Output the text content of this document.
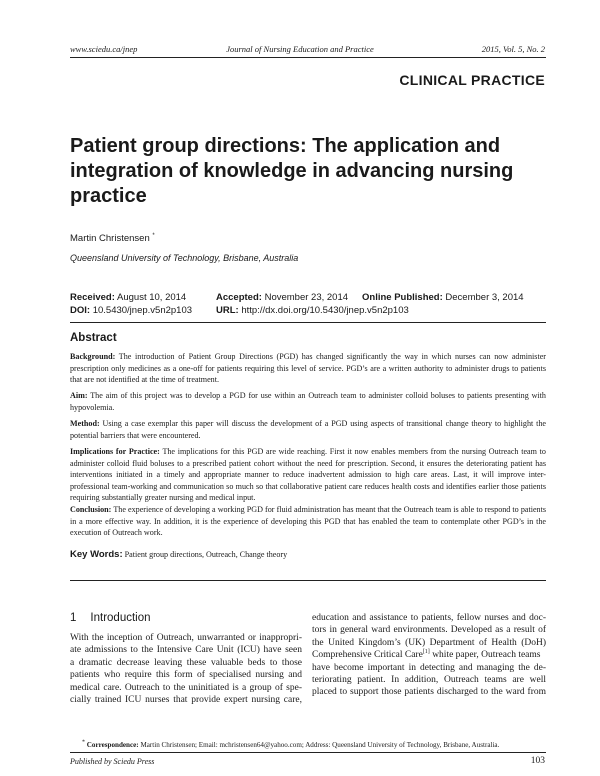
www.sciedu.ca/jnep	Journal of Nursing Education and Practice	2015, Vol. 5, No. 2
CLINICAL PRACTICE
Patient group directions: The application and
integration of knowledge in advancing nursing
practice
Martin Christensen *
Queensland University of Technology, Brisbane, Australia
Received: August 10, 2014	Accepted: November 23, 2014 Online Published: December 3, 2014
DOI: 10.5430/jnep.v5n2p103	URL: http://dx.doi.org/10.5430/jnep.v5n2p103
Abstract
Background: The introduction of Patient Group Directions (PGD) has changed significantly the way in which nurses can now administer prescription only medicines as a one-off for patients requiring this level of service. PGD’s are a written authority to administer drugs to patients that are not identified at the time of treatment.
Aim: The aim of this project was to develop a PGD for use within an Outreach team to administer colloid boluses to patients presenting with hypovolemia.
Method: Using a case exemplar this paper will discuss the development of a PGD using aspects of transitional change theory to highlight the potential barriers that were encountered.
Implications for Practice: The implications for this PGD are wide reaching. First it now enables members from the nursing Outreach team to administer colloid fluid boluses to a prescribed patient cohort without the need for prescription. Second, it ensures the deteriorating patient has interventions initiated in a timely and appropriate manner to reduce inadvertent admission to high care areas. Last, it will improve inter-professional team-working and communication so much so that collaborative patient care reduces health costs and identifies earlier those patients requiring substantially greater nursing and medical input.
Conclusion: The experience of developing a working PGD for fluid administration has meant that the Outreach team is able to respond to patients in a more effective way. In addition, it is the experience of developing this PGD that has enabled the team to contemplate other PGD’s in the execution of Outreach work.
Key Words: Patient group directions, Outreach, Change theory
1 Introduction
With the inception of Outreach, unwarranted or inappropri-
ate admissions to the Intensive Care Unit (ICU) have seen
a dramatic decrease leaving these valuable beds to those
patients who require this form of specialised nursing and
medical care. Outreach to the uninitiated is a group of spe-
cially trained ICU nurses that provide expert nursing care,
education and assistance to patients, fellow nurses and doc-
tors in general ward environments. Developed as a result of
the United Kingdom’s (UK) Department of Health (DoH)
Comprehensive Critical Care[1] white paper, Outreach teams
have become important in detecting and managing the de-
teriorating patient. In addition, Outreach teams are well
placed to support those patients discharged to the ward from
* Correspondence: Martin Christensen; Email: mchristensen64@yahoo.com; Address: Queensland University of Technology, Brisbane, Australia.
Published by Sciedu Press	103
